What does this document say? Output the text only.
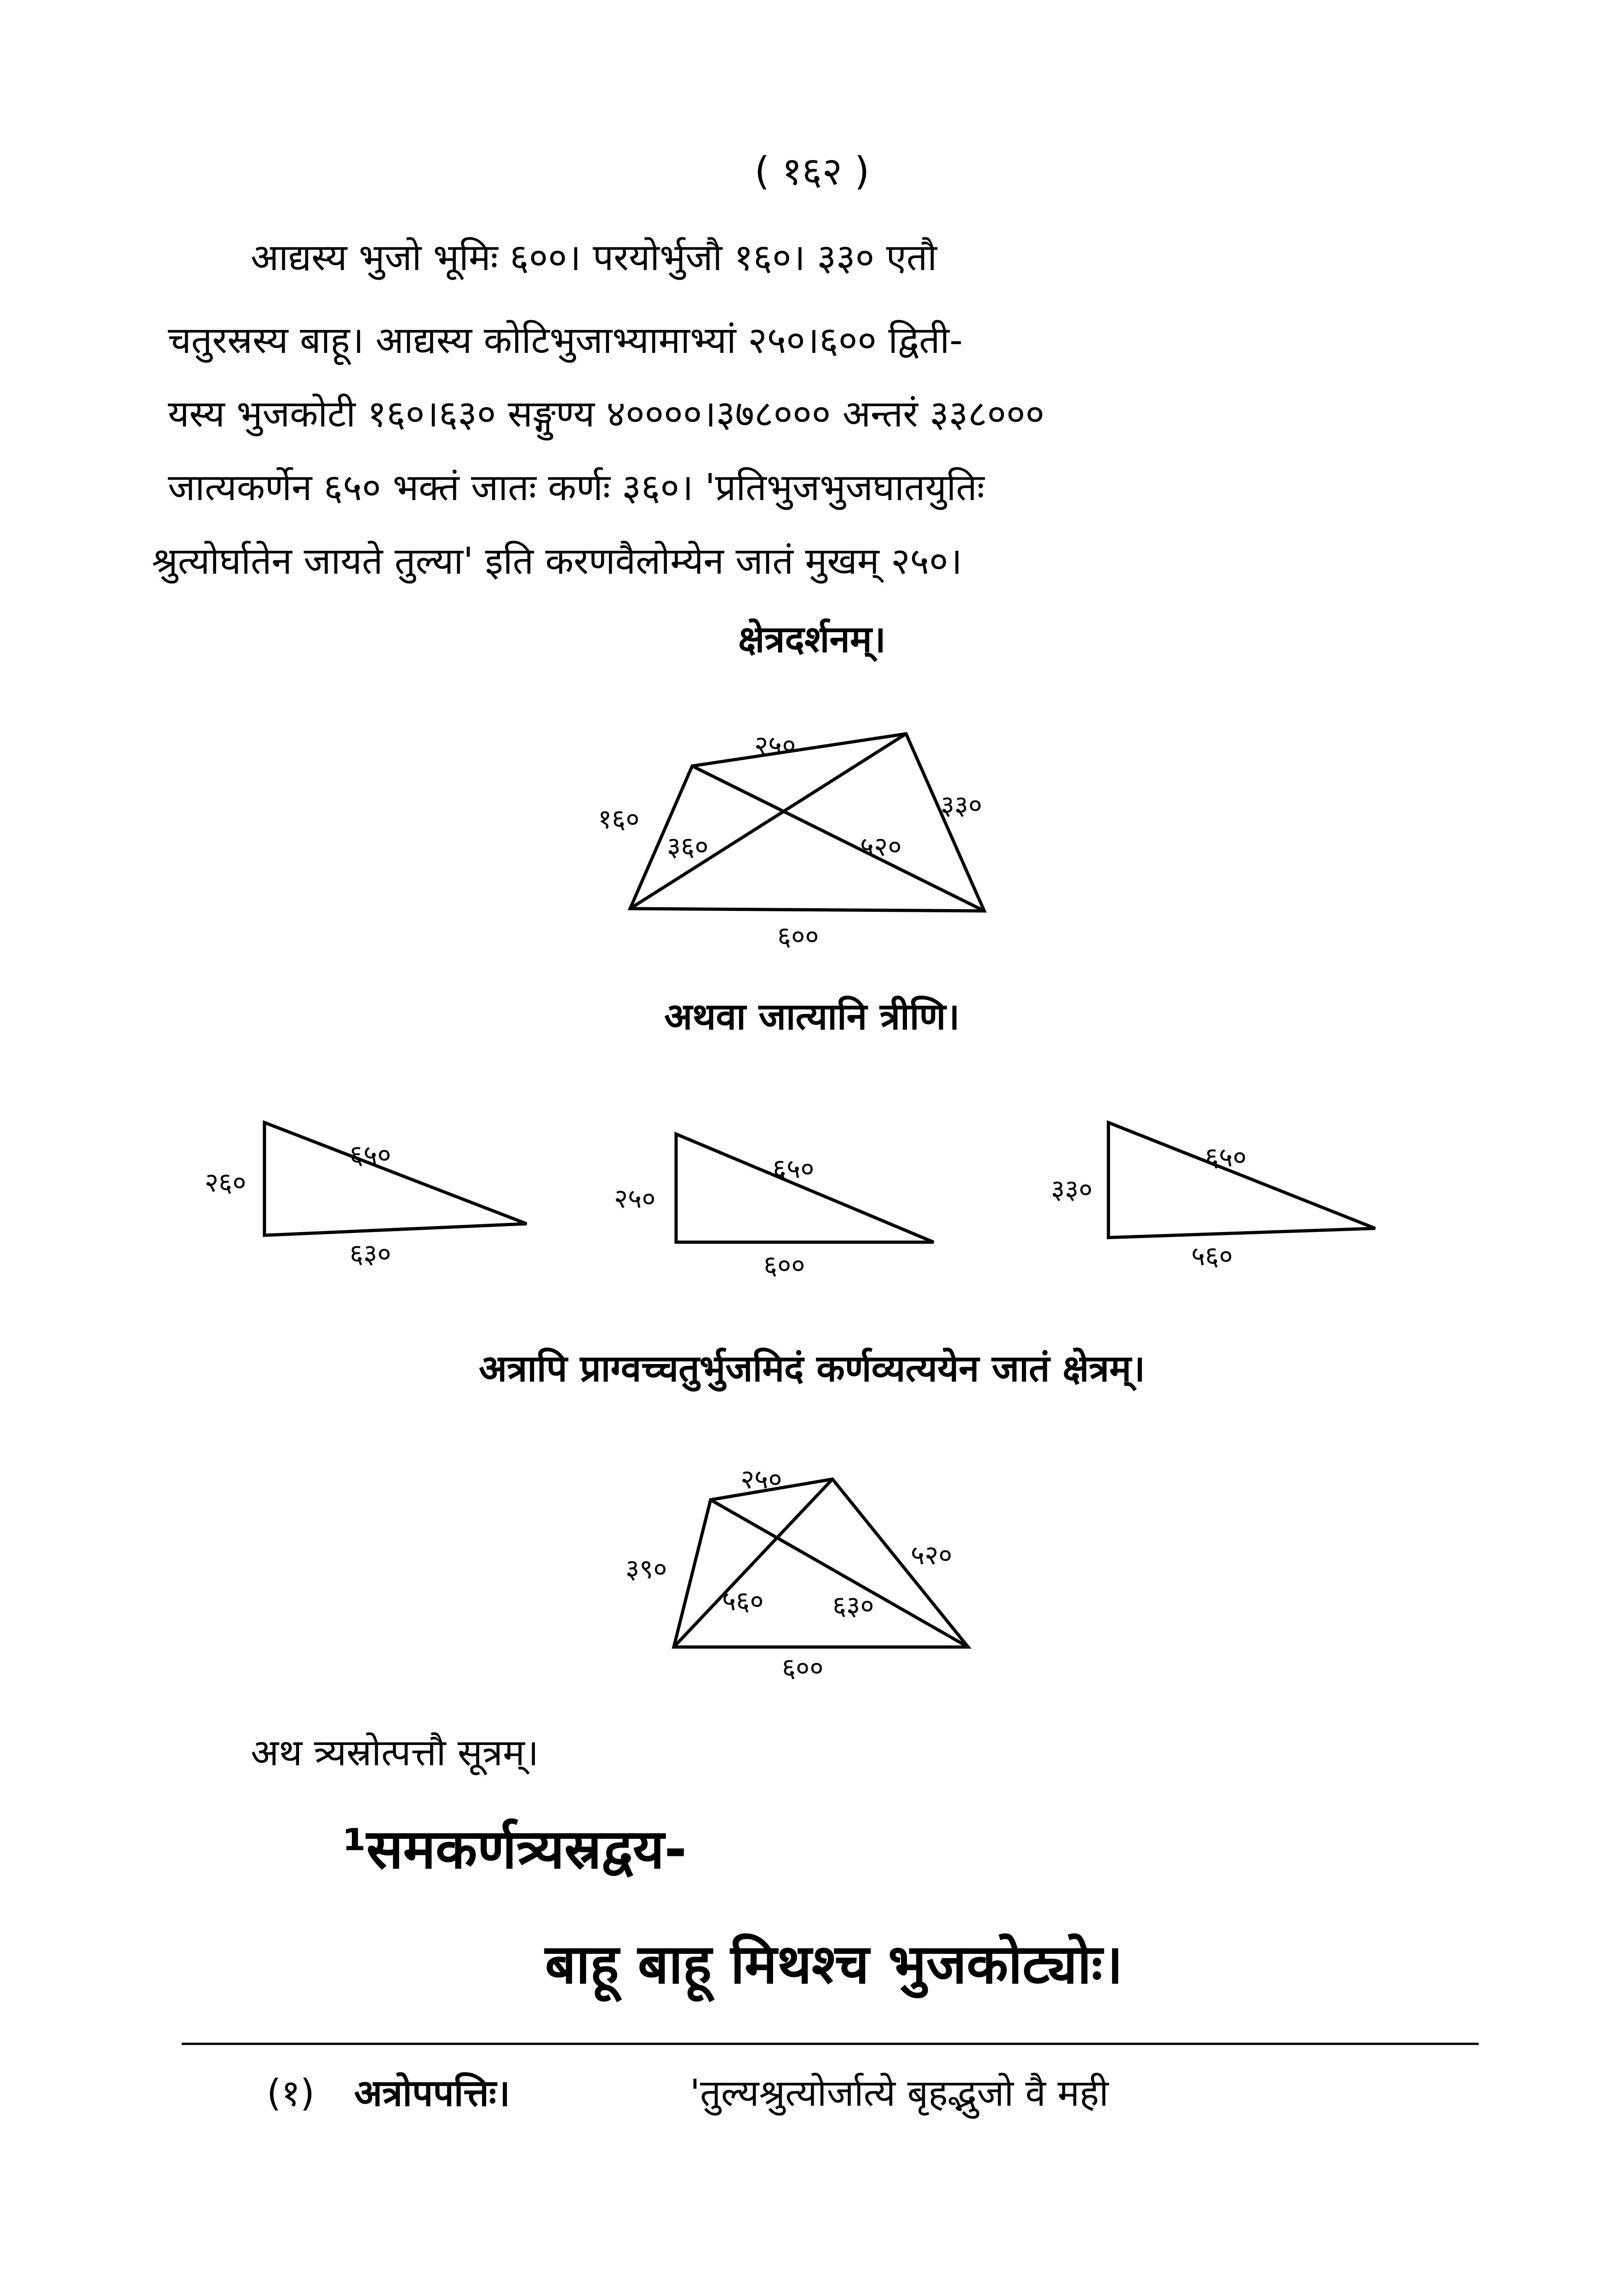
( १६२ )
आद्यस्य भुजो भूमिः ६००। परयोर्भुजौ १६०। ३३० एतौ
चतुरस्रस्य बाहू। आद्यस्य कोटिभुजाभ्यामाभ्यां २५०।६०० द्विती-
यस्य भुजकोटी १६०।६३० सङ्गुण्य ४००००।३७८००० अन्तरं ३३८०००
जात्यकर्णेन ६५० भक्तं जातः कर्णः ३६०। 'प्रतिभुजभुजघातयुतिः
श्रुत्योर्घातेन जायते तुल्या' इति करणवैलोम्येन जातं मुखम् २५०।
क्षेत्रदर्शनम्।
२५०
१६०	३३०
३६०	५२०
६००
अथवा जात्यानि त्रीणि।
२६०
६५०
६३०
२५०
६५०
६००
३३०
६५०
५६०
अत्रापि प्राग्वच्चतुर्भुजमिदं कर्णव्यत्ययेन जातं क्षेत्रम्।
२५०
३९०	५२०
५६०	६३०
६००
अथ त्र्यस्रोत्पत्तौ सूत्रम्।
¹समकर्णत्र्यस्रद्वय-
बाहू बाहू मिथश्च भुजकोट्योः।
(१) अत्रोपपत्तिः।	'तुल्यश्रुत्योर्जात्ये बृहद्भुजो वै मही
